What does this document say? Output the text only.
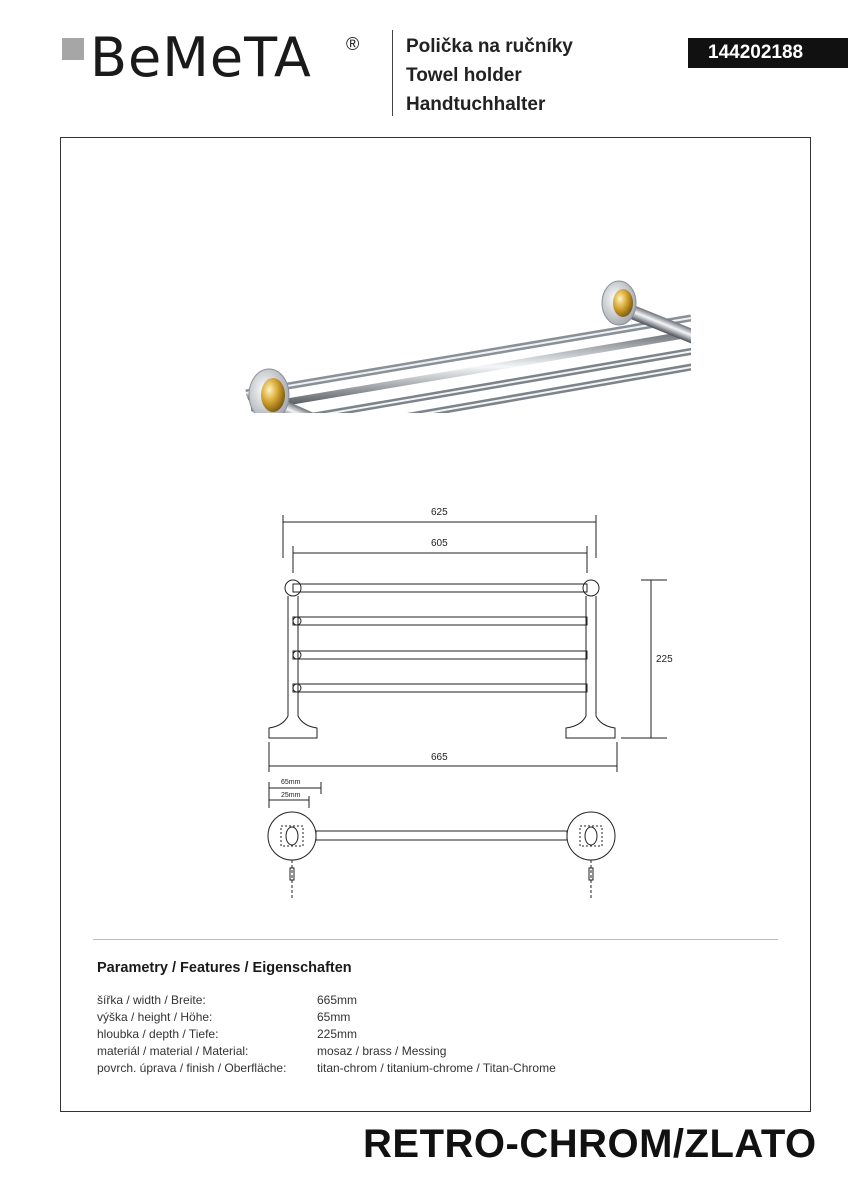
BeMeTA ® Polička na ručníky
Towel holder
Handtuchhalter
144202188
625
605
225
665
65mm
25mm
Parametry / Features / Eigenschaften
šířka / width / Breite:	665mm
výška / height / Höhe:	65mm
hloubka / depth / Tiefe:	225mm
materiál / material / Material:	mosaz / brass / Messing
povrch. úprava / finish / Oberfläche:	titan-chrom / titanium-chrome / Titan-Chrome
RETRO-CHROM/ZLATO
